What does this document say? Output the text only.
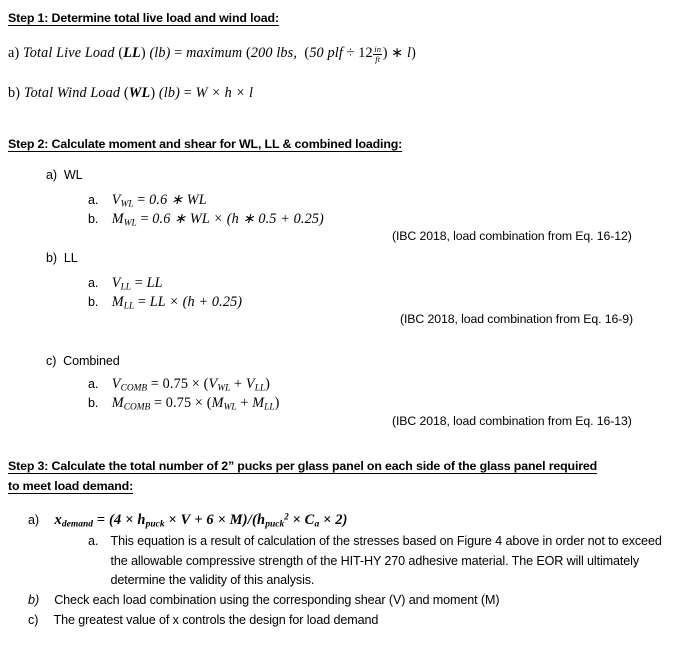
Step 1: Determine total live load and wind load:
a) Total Live Load (LL) (lb) = maximum (200 lbs,  (50 plf ÷ $12 \frac{in}{ft}$ ) ∗ l)
b) Total Wind Load (WL) (lb) = W × h × l
Step 2: Calculate moment and shear for WL, LL & combined loading:
a) WL
a. $V_{WL} = 0.6$ ∗ WL
b. $M_{WL} = 0.6$ ∗ WL × (h ∗ 0.5 + 0.25)
(IBC 2018, load combination from Eq. 16-12)
b) LL
a. $V_{LL}$ = LL
b. $M_{LL}$ = LL × (h + 0.25)
(IBC 2018, load combination from Eq. 16-9)
c) Combined
a. $V_{COMB} = 0.75 \times (V_{WL} + V_{LL})$
b. $M_{COMB} = 0.75 \times (M_{WL} + M_{LL})$
(IBC 2018, load combination from Eq. 16-13)
Step 3: Calculate the total number of 2” pucks per glass panel on each side of the glass panel required
to meet load demand:
a) $x_{demand} = (4 \times h_{puck} \times V + 6 \times M)/(h_{puck}^2 \times C_a \times 2)$
a. This equation is a result of calculation of the stresses based on Figure 4 above in order not to exceed the allowable compressive strength of the HIT-HY 270 adhesive material. The EOR will ultimately determine the validity of this analysis.
b) Check each load combination using the corresponding shear (V) and moment (M)
c) The greatest value of x controls the design for load demand
